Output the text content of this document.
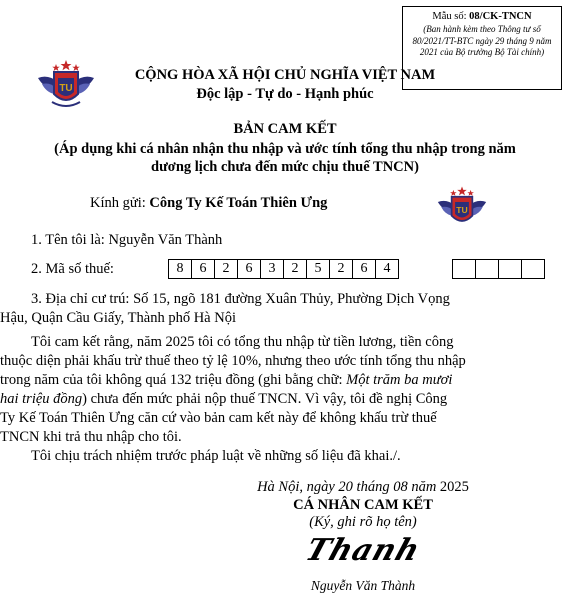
Mẫu số: 08/CK-TNCN
(Ban hành kèm theo Thông tư số
80/2021/TT-BTC ngày 29 tháng 9 năm
2021 của Bộ trưởng Bộ Tài chính)
TU
CỘNG HÒA XÃ HỘI CHỦ NGHĨA VIỆT NAM
Độc lập - Tự do - Hạnh phúc
BẢN CAM KẾT
(Áp dụng khi cá nhân nhận thu nhập và ước tính tổng thu nhập trong năm
dương lịch chưa đến mức chịu thuế TNCN)
Kính gửi: Công Ty Kế Toán Thiên Ưng	TU
1. Tên tôi là: Nguyễn Văn Thành
2. Mã số thuế:	8	6	2	6	3	2	5	2	6	4
3. Địa chỉ cư trú: Số 15, ngõ 181 đường Xuân Thủy, Phường Dịch Vọng
Hậu, Quận Cầu Giấy, Thành phố Hà Nội
Tôi cam kết rằng, năm 2025 tôi có tổng thu nhập từ tiền lương, tiền công
thuộc diện phải khấu trừ thuế theo tỷ lệ 10%, nhưng theo ước tính tổng thu nhập
trong năm của tôi không quá 132 triệu đồng (ghi bằng chữ: Một trăm ba mươi
hai triệu đồng) chưa đến mức phải nộp thuế TNCN. Vì vậy, tôi đề nghị Công
Ty Kế Toán Thiên Ưng căn cứ vào bản cam kết này để không khấu trừ thuế
TNCN khi trả thu nhập cho tôi.
Tôi chịu trách nhiệm trước pháp luật về những số liệu đã khai./.
Hà Nội, ngày 20 tháng 08 năm 2025
CÁ NHÂN CAM KẾT
(Ký, ghi rõ họ tên)
Thanh
Nguyễn Văn Thành
